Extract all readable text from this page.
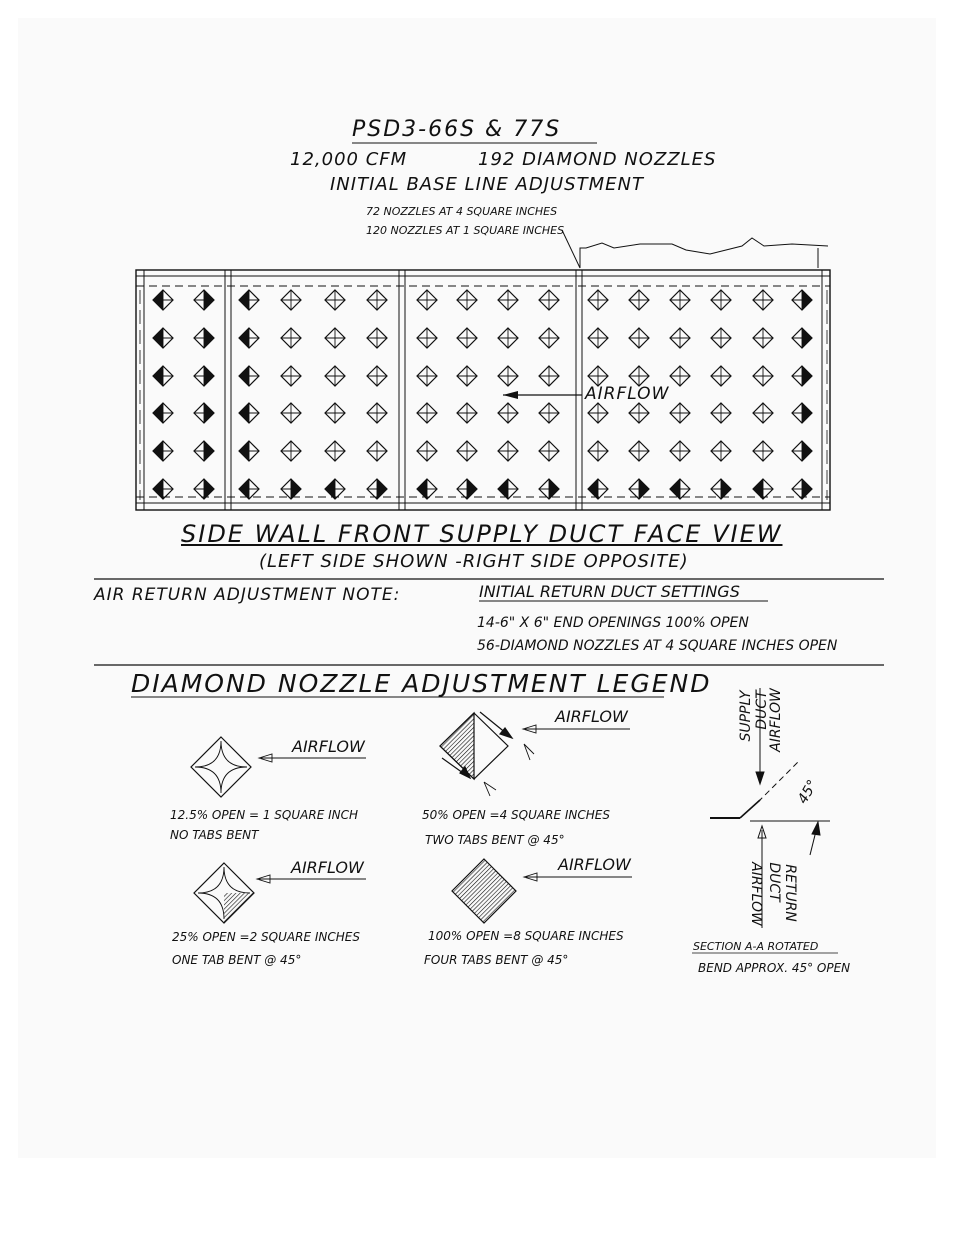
PSD3-66S & 77S
12,000 CFM	192 DIAMOND NOZZLES
INITIAL BASE LINE ADJUSTMENT
72 NOZZLES AT 4 SQUARE INCHES
120 NOZZLES AT 1 SQUARE INCHES
AIRFLOW
SIDE WALL FRONT SUPPLY DUCT FACE VIEW
(LEFT SIDE SHOWN -RIGHT SIDE OPPOSITE)
AIR RETURN ADJUSTMENT NOTE:	INITIAL RETURN DUCT SETTINGS
14-6" X 6" END OPENINGS 100% OPEN
56-DIAMOND NOZZLES AT 4 SQUARE INCHES OPEN
DIAMOND NOZZLE ADJUSTMENT LEGEND
AIRFLOW
12.5% OPEN = 1 SQUARE INCH
NO TABS BENT
AIRFLOW
50% OPEN =4 SQUARE INCHES
TWO TABS BENT @ 45°
AIRFLOW
25% OPEN =2 SQUARE INCHES
ONE TAB BENT @ 45°
AIRFLOW
100% OPEN =8 SQUARE INCHES
FOUR TABS BENT @ 45°
SUPPLY DUCT
AIRFLOW
45°
RETURN
DUCT
AIRFLOW
SECTION A-A ROTATED
BEND APPROX. 45° OPEN
